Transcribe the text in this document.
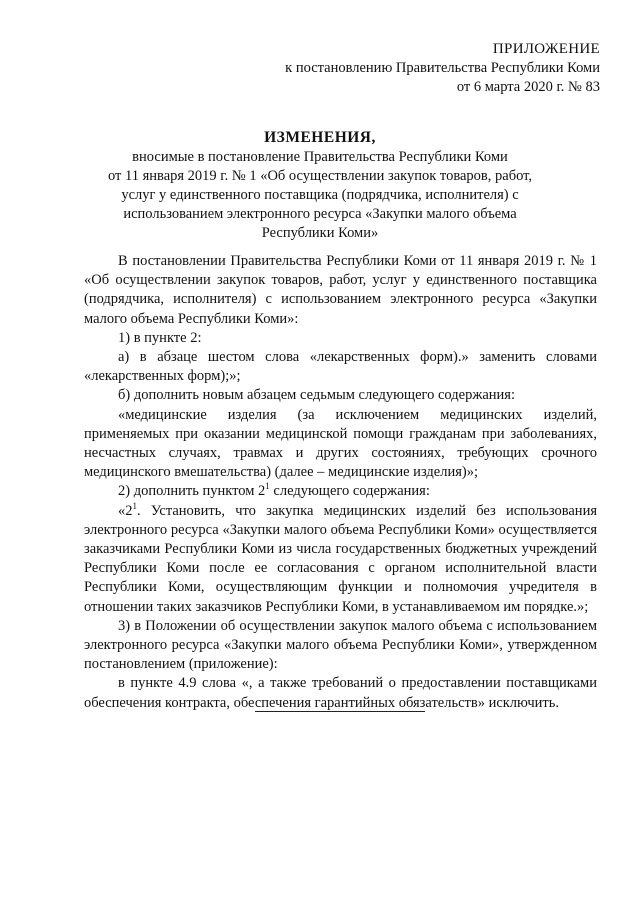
ПРИЛОЖЕНИЕ
к постановлению Правительства Республики Коми
от 6 марта 2020 г. № 83
ИЗМЕНЕНИЯ,
вносимые в постановление Правительства Республики Коми
от 11 января 2019 г. № 1 «Об осуществлении закупок товаров, работ,
услуг у единственного поставщика (подрядчика, исполнителя) с
использованием электронного ресурса «Закупки малого объема
Республики Коми»

В постановлении Правительства Республики Коми от 11 января 2019 г. № 1 «Об осуществлении закупок товаров, работ, услуг у единственного поставщика (подрядчика, исполнителя) с использованием электронного ресурса «Закупки малого объема Республики Коми»:

1) в пункте 2:

а) в абзаце шестом слова «лекарственных форм).» заменить словами «лекарственных форм);»;

б) дополнить новым абзацем седьмым следующего содержания:

«медицинские изделия (за исключением медицинских изделий, применяемых при оказании медицинской помощи гражданам при заболеваниях, несчастных случаях, травмах и других состояниях, требующих срочного медицинского вмешательства) (далее – медицинские изделия)»;

2) дополнить пунктом $2^1$ следующего содержания:

«$2^1$. Установить, что закупка медицинских изделий без использования электронного ресурса «Закупки малого объема Республики Коми» осуществляется заказчиками Республики Коми из числа государственных бюджетных учреждений Республики Коми после ее согласования с органом исполнительной власти Республики Коми, осуществляющим функции и полномочия учредителя в отношении таких заказчиков Республики Коми, в устанавливаемом им порядке.»;

3) в Положении об осуществлении закупок малого объема с использованием электронного ресурса «Закупки малого объема Республики Коми», утвержденном постановлением (приложение):

в пункте 4.9 слова «, а также требований о предоставлении поставщиками обеспечения контракта, обеспечения гарантийных обязательств» исключить.
